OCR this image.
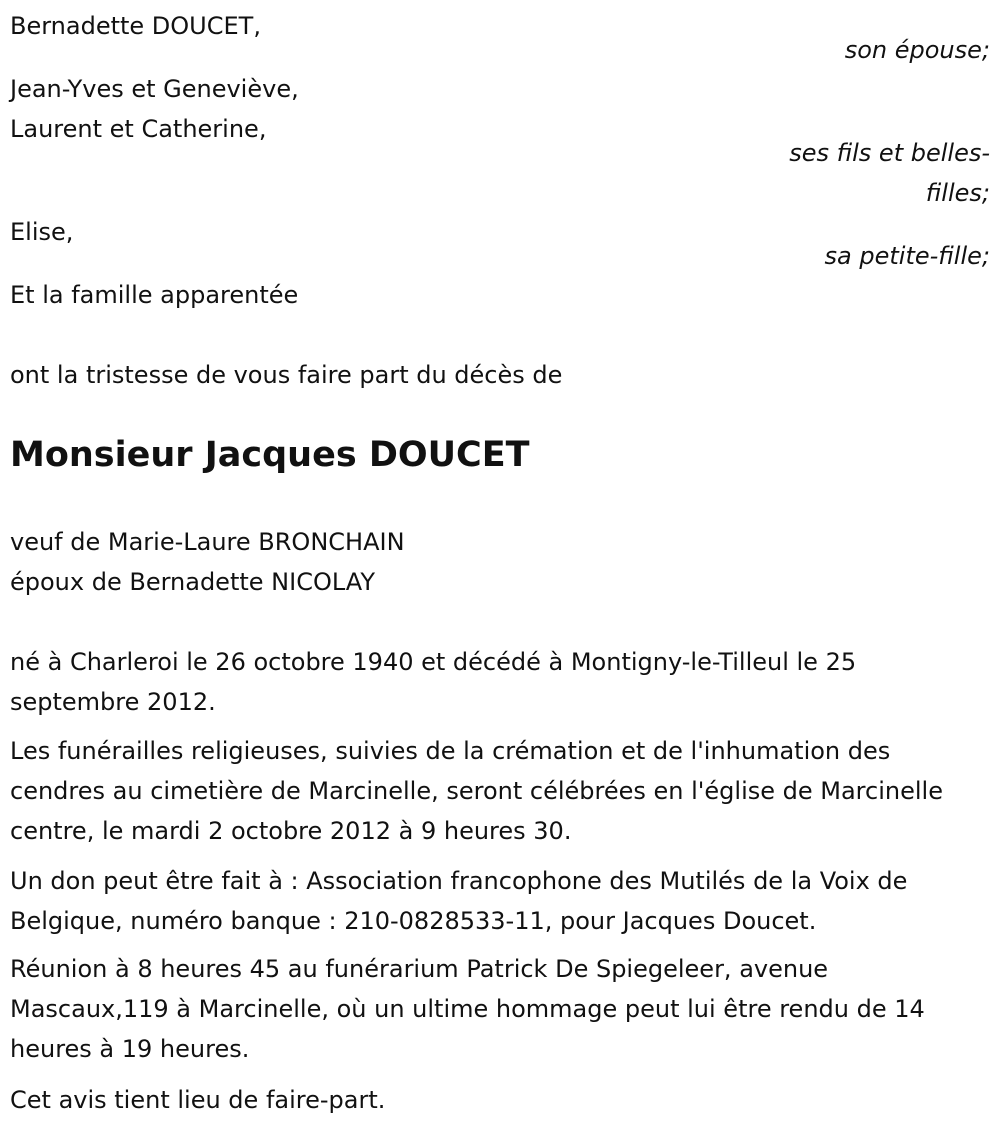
Bernadette DOUCET,
son épouse;
Jean-Yves et Geneviève,
Laurent et Catherine,
ses fils et belles-
filles;
Elise,
sa petite-fille;
Et la famille apparentée
ont la tristesse de vous faire part du décès de
Monsieur Jacques DOUCET
veuf de Marie-Laure BRONCHAIN
époux de Bernadette NICOLAY
né à Charleroi le 26 octobre 1940 et décédé à Montigny-le-Tilleul le 25 septembre 2012.
Les funérailles religieuses, suivies de la crémation et de l'inhumation des cendres au cimetière de Marcinelle, seront célébrées en l'église de Marcinelle centre, le mardi 2 octobre 2012 à 9 heures 30.
Un don peut être fait à : Association francophone des Mutilés de la Voix de Belgique, numéro banque : 210-0828533-11, pour Jacques Doucet.
Réunion à 8 heures 45 au funérarium Patrick De Spiegeleer, avenue Mascaux,119 à Marcinelle, où un ultime hommage peut lui être rendu de 14 heures à 19 heures.
Cet avis tient lieu de faire-part.
